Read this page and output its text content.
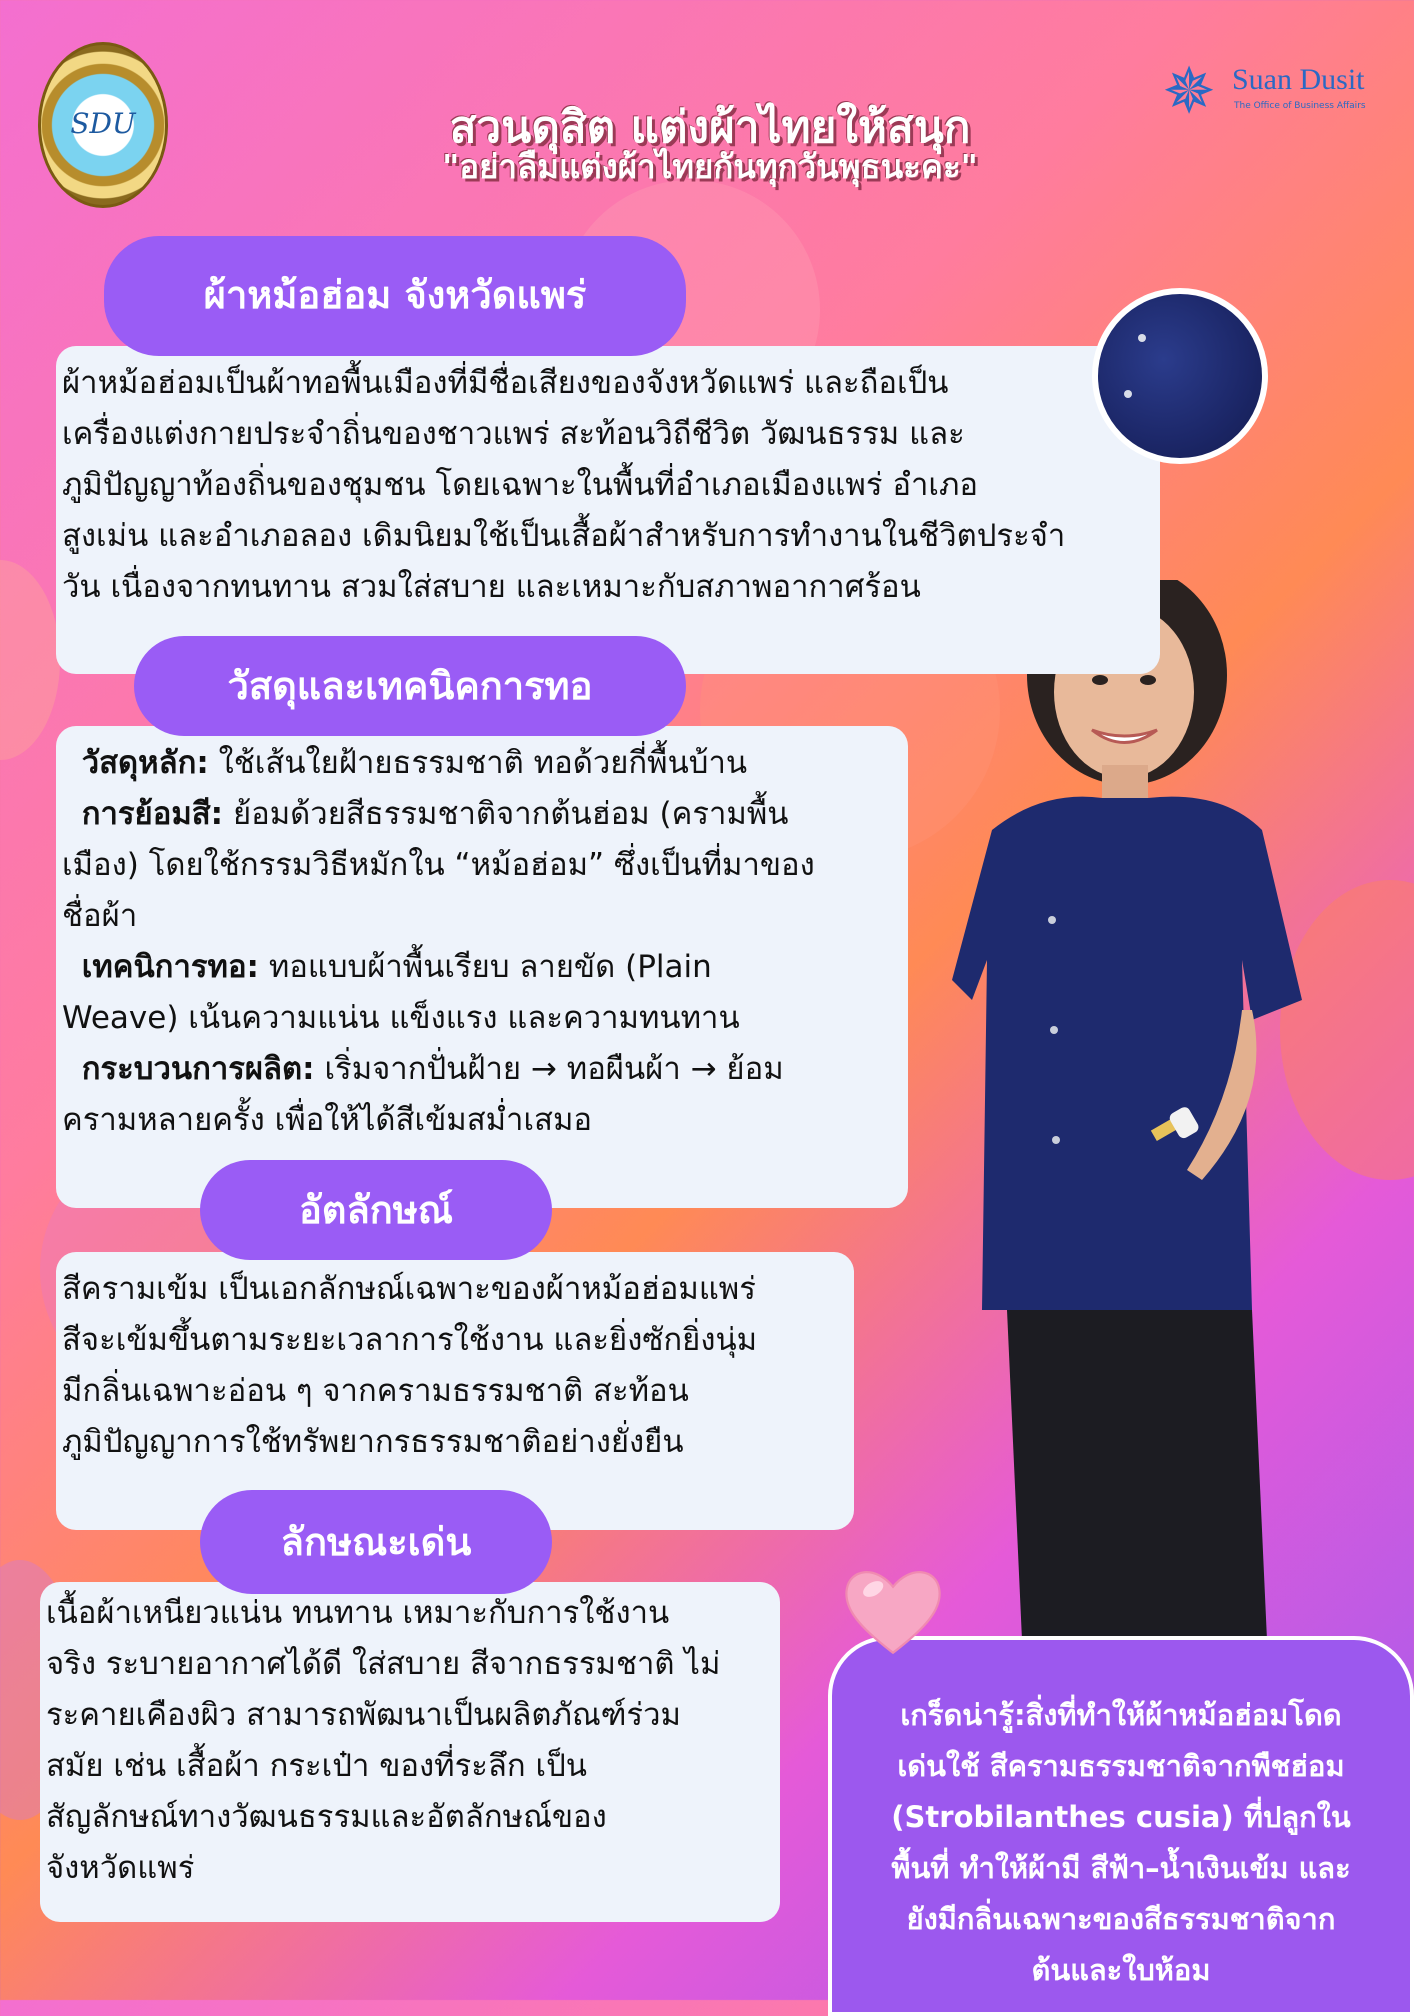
SDU	✵ Suan Dusit
The Office of Business Affairs
สวนดุสิต แต่งผ้าไทยให้สนุก
"อย่าลืมแต่งผ้าไทยกันทุกวันพุธนะคะ"
ผ้าหม้อฮ่อม จังหวัดแพร่

ผ้าหม้อฮ่อมเป็นผ้าทอพื้นเมืองที่มีชื่อเสียงของจังหวัดแพร่ และถือเป็น

เครื่องแต่งกายประจำถิ่นของชาวแพร่ สะท้อนวิถีชีวิต วัฒนธรรม และ

ภูมิปัญญาท้องถิ่นของชุมชน โดยเฉพาะในพื้นที่อำเภอเมืองแพร่ อำเภอ

สูงเม่น และอำเภอลอง เดิมนิยมใช้เป็นเสื้อผ้าสำหรับการทำงานในชีวิตประจำ

วัน เนื่องจากทนทาน สวมใส่สบาย และเหมาะกับสภาพอากาศร้อน

วัสดุและเทคนิคการทอ

วัสดุหลัก: ใช้เส้นใยฝ้ายธรรมชาติ ทอด้วยกี่พื้นบ้าน

การย้อมสี: ย้อมด้วยสีธรรมชาติจากต้นฮ่อม (ครามพื้น

เมือง) โดยใช้กรรมวิธีหมักใน “หม้อฮ่อม” ซึ่งเป็นที่มาของ

ชื่อผ้า

เทคนิการทอ: ทอแบบผ้าพื้นเรียบ ลายขัด (Plain

Weave) เน้นความแน่น แข็งแรง และความทนทาน

กระบวนการผลิต: เริ่มจากปั่นฝ้าย → ทอผืนผ้า → ย้อม

ครามหลายครั้ง เพื่อให้ได้สีเข้มสม่ำเสมอ

อัตลักษณ์

สีครามเข้ม เป็นเอกลักษณ์เฉพาะของผ้าหม้อฮ่อมแพร่

สีจะเข้มขึ้นตามระยะเวลาการใช้งาน และยิ่งซักยิ่งนุ่ม

มีกลิ่นเฉพาะอ่อน ๆ จากครามธรรมชาติ สะท้อน

ภูมิปัญญาการใช้ทรัพยากรธรรมชาติอย่างยั่งยืน

ลักษณะเด่น

เนื้อผ้าเหนียวแน่น ทนทาน เหมาะกับการใช้งาน

จริง ระบายอากาศได้ดี ใส่สบาย สีจากธรรมชาติ ไม่

ระคายเคืองผิว สามารถพัฒนาเป็นผลิตภัณฑ์ร่วม

สมัย เช่น เสื้อผ้า กระเป๋า ของที่ระลึก เป็น

สัญลักษณ์ทางวัฒนธรรมและอัตลักษณ์ของ

จังหวัดแพร่

เกร็ดน่ารู้:สิ่งที่ทำให้ผ้าหม้อฮ่อมโดด
เด่นใช้ สีครามธรรมชาติจากพืชฮ่อม
(Strobilanthes cusia) ที่ปลูกใน
พื้นที่ ทำให้ผ้ามี สีฟ้า–น้ำเงินเข้ม และ
ยังมีกลิ่นเฉพาะของสีธรรมชาติจาก
ต้นและใบห้อม
